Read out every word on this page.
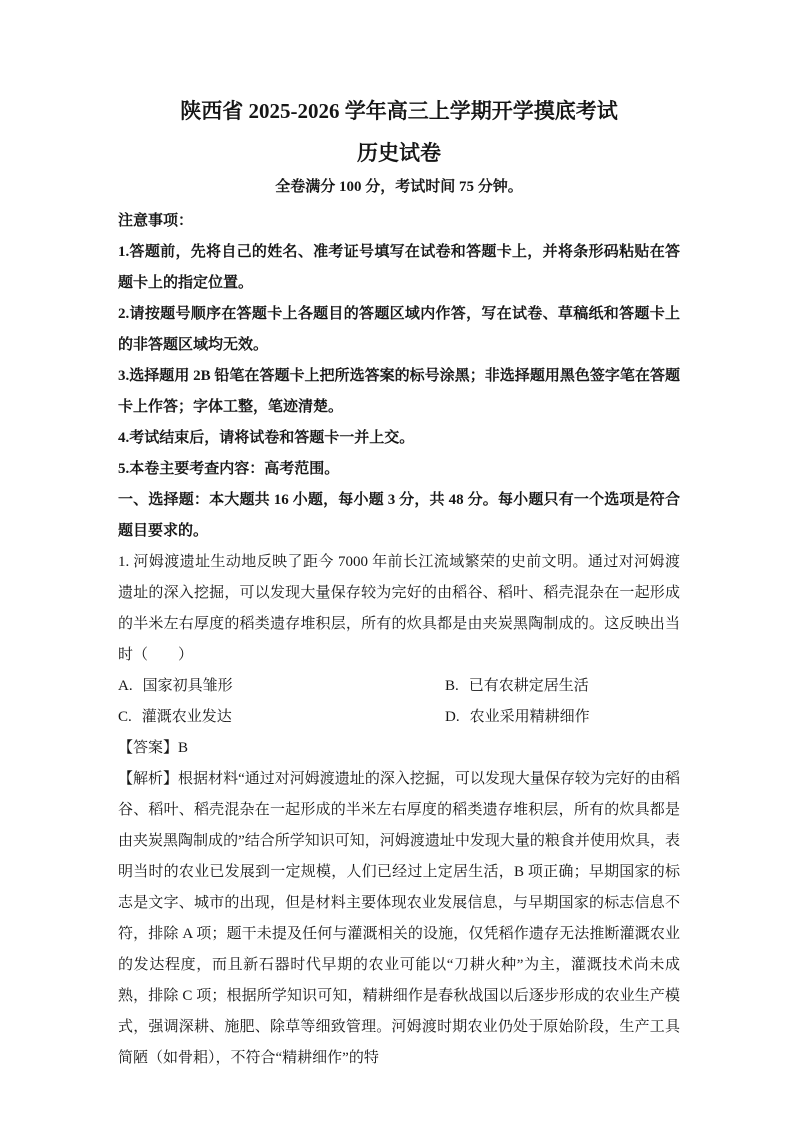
陕西省 2025-2026 学年高三上学期开学摸底考试
历史试卷

全卷满分 100 分，考试时间 75 分钟。

注意事项：

1.答题前，先将自己的姓名、准考证号填写在试卷和答题卡上，并将条形码粘贴在答题卡上的指定位置。

2.请按题号顺序在答题卡上各题目的答题区域内作答，写在试卷、草稿纸和答题卡上的非答题区域均无效。

3.选择题用 2B 铅笔在答题卡上把所选答案的标号涂黑；非选择题用黑色签字笔在答题卡上作答；字体工整，笔迹清楚。

4.考试结束后，请将试卷和答题卡一并上交。

5.本卷主要考查内容：高考范围。

一、选择题：本大题共 16 小题，每小题 3 分，共 48 分。每小题只有一个选项是符合题目要求的。

1. 河姆渡遗址生动地反映了距今 7000 年前长江流域繁荣的史前文明。通过对河姆渡遗址的深入挖掘，可以发现大量保存较为完好的由稻谷、稻叶、稻壳混杂在一起形成的半米左右厚度的稻类遗存堆积层，所有的炊具都是由夹炭黑陶制成的。这反映出当时（　　）

A. 国家初具雏形	B. 已有农耕定居生活
C. 灌溉农业发达	D. 农业采用精耕细作

【答案】B

【解析】根据材料“通过对河姆渡遗址的深入挖掘，可以发现大量保存较为完好的由稻谷、稻叶、稻壳混杂在一起形成的半米左右厚度的稻类遗存堆积层，所有的炊具都是由夹炭黑陶制成的”结合所学知识可知，河姆渡遗址中发现大量的粮食并使用炊具，表明当时的农业已发展到一定规模，人们已经过上定居生活，B 项正确；早期国家的标志是文字、城市的出现，但是材料主要体现农业发展信息，与早期国家的标志信息不符，排除 A 项；题干未提及任何与灌溉相关的设施，仅凭稻作遗存无法推断灌溉农业的发达程度，而且新石器时代早期的农业可能以“刀耕火种”为主，灌溉技术尚未成熟，排除 C 项；根据所学知识可知，精耕细作是春秋战国以后逐步形成的农业生产模式，强调深耕、施肥、除草等细致管理。河姆渡时期农业仍处于原始阶段，生产工具简陋（如骨耜），不符合“精耕细作”的特
